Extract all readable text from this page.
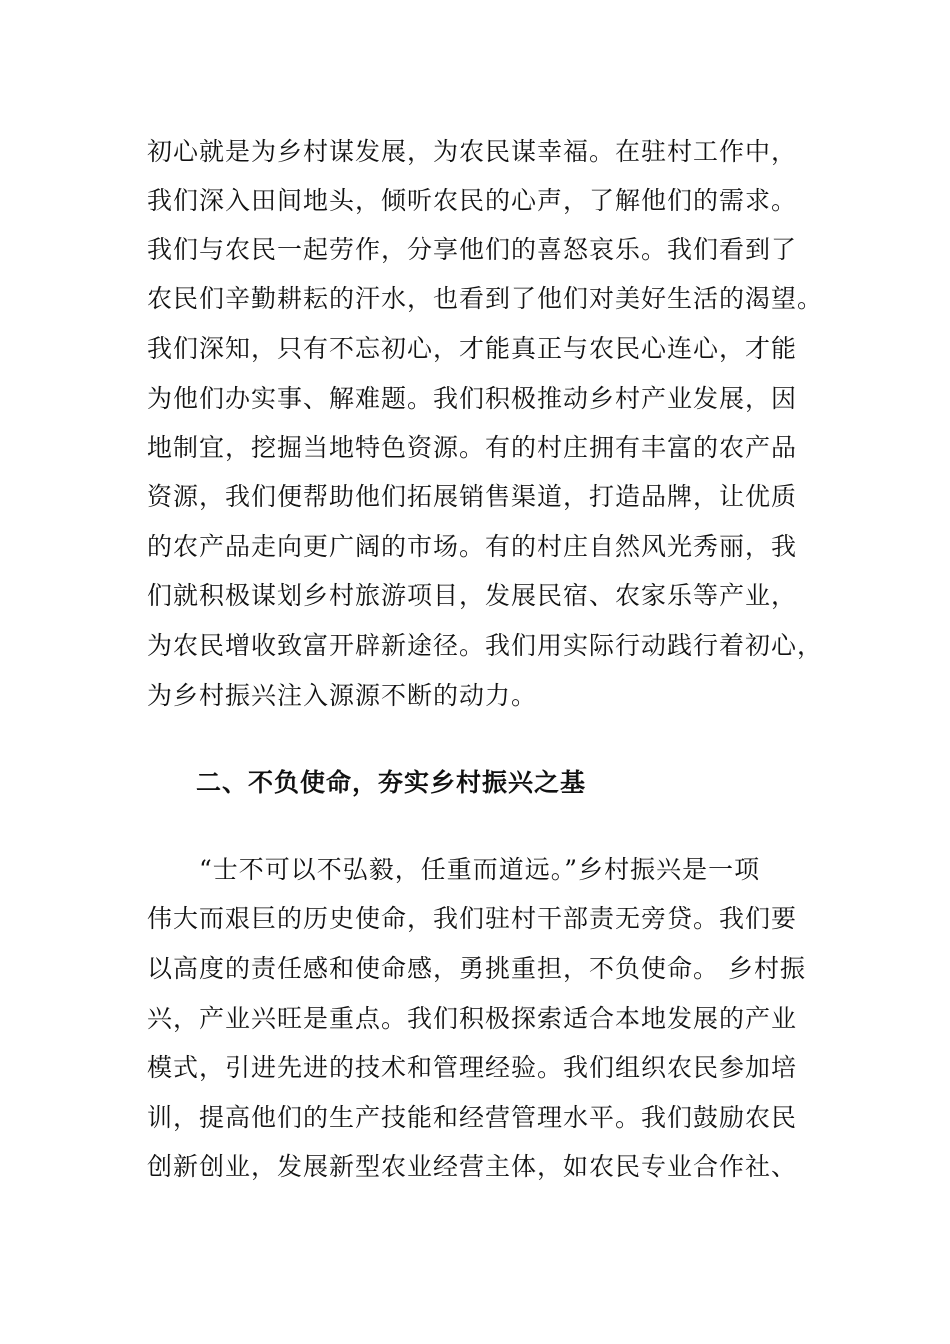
初心就是为乡村谋发展，为农民谋幸福。在驻村工作中，
我们深入田间地头，倾听农民的心声，了解他们的需求。
我们与农民一起劳作，分享他们的喜怒哀乐。我们看到了
农民们辛勤耕耘的汗水，也看到了他们对美好生活的渴望。
我们深知，只有不忘初心，才能真正与农民心连心，才能
为他们办实事、解难题。我们积极推动乡村产业发展，因
地制宜，挖掘当地特色资源。有的村庄拥有丰富的农产品
资源，我们便帮助他们拓展销售渠道，打造品牌，让优质
的农产品走向更广阔的市场。有的村庄自然风光秀丽，我
们就积极谋划乡村旅游项目，发展民宿、农家乐等产业，
为农民增收致富开辟新途径。我们用实际行动践行着初心，
为乡村振兴注入源源不断的动力。
二、不负使命，夯实乡村振兴之基
　　“士不可以不弘毅，任重而道远。”乡村振兴是一项
伟大而艰巨的历史使命，我们驻村干部责无旁贷。我们要
以高度的责任感和使命感，勇挑重担，不负使命。 乡村振
兴，产业兴旺是重点。我们积极探索适合本地发展的产业
模式，引进先进的技术和管理经验。我们组织农民参加培
训，提高他们的生产技能和经营管理水平。我们鼓励农民
创新创业，发展新型农业经营主体，如农民专业合作社、
